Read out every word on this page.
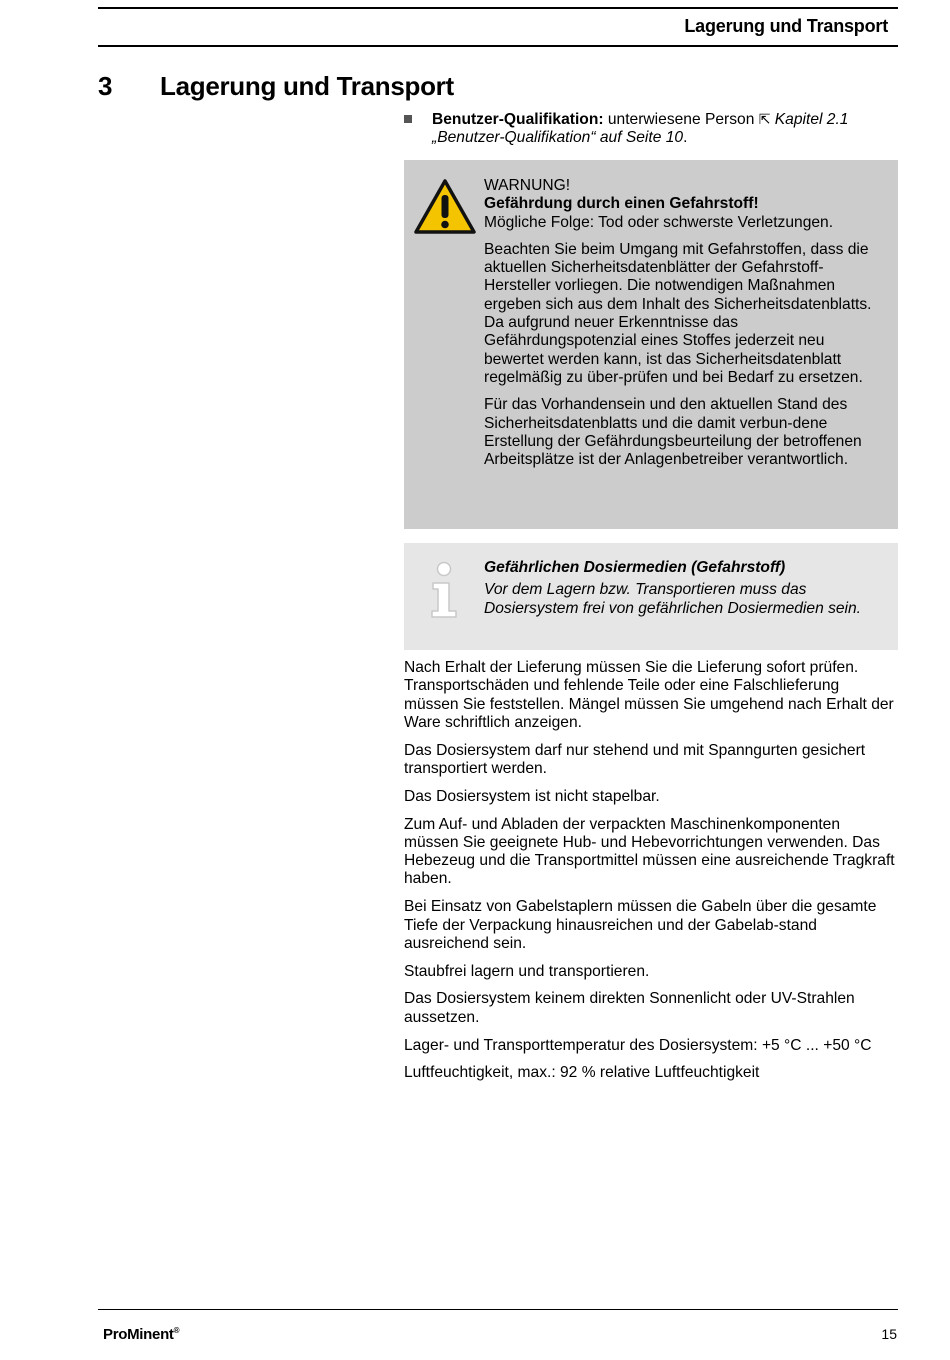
Lagerung und Transport
3 Lagerung und Transport
Benutzer-Qualifikation: unterwiesene Person ⇱ Kapitel 2.1 „Benutzer-Qualifikation“ auf Seite 10.

WARNUNG!
Gefährdung durch einen Gefahrstoff!
Mögliche Folge: Tod oder schwerste Verletzungen.

Beachten Sie beim Umgang mit Gefahrstoffen, dass die aktuellen Sicherheitsdatenblätter der Gefahrstoff-Hersteller vorliegen. Die notwendigen Maßnahmen ergeben sich aus dem Inhalt des Sicherheitsdatenblatts. Da aufgrund neuer Erkenntnisse das Gefährdungspotenzial eines Stoffes jederzeit neu bewertet werden kann, ist das Sicherheitsdatenblatt regelmäßig zu über-prüfen und bei Bedarf zu ersetzen.

Für das Vorhandensein und den aktuellen Stand des Sicherheitsdatenblatts und die damit verbun-dene Erstellung der Gefährdungsbeurteilung der betroffenen Arbeitsplätze ist der Anlagenbetreiber verantwortlich.

Gefährlichen Dosiermedien (Gefahrstoff)
Vor dem Lagern bzw. Transportieren muss das Dosiersystem frei von gefährlichen Dosiermedien sein.

Nach Erhalt der Lieferung müssen Sie die Lieferung sofort prüfen. Transportschäden und fehlende Teile oder eine Falschlieferung müssen Sie feststellen. Mängel müssen Sie umgehend nach Erhalt der Ware schriftlich anzeigen.

Das Dosiersystem darf nur stehend und mit Spanngurten gesichert transportiert werden.

Das Dosiersystem ist nicht stapelbar.

Zum Auf- und Abladen der verpackten Maschinenkomponenten müssen Sie geeignete Hub- und Hebevorrichtungen verwenden. Das Hebezeug und die Transportmittel müssen eine ausreichende Tragkraft haben.

Bei Einsatz von Gabelstaplern müssen die Gabeln über die gesamte Tiefe der Verpackung hinausreichen und der Gabelab-stand ausreichend sein.

Staubfrei lagern und transportieren.

Das Dosiersystem keinem direkten Sonnenlicht oder UV-Strahlen aussetzen.

Lager- und Transporttemperatur des Dosiersystem: +5 °C ... +50 °C

Luftfeuchtigkeit, max.: 92 % relative Luftfeuchtigkeit

ProMinent®	15
